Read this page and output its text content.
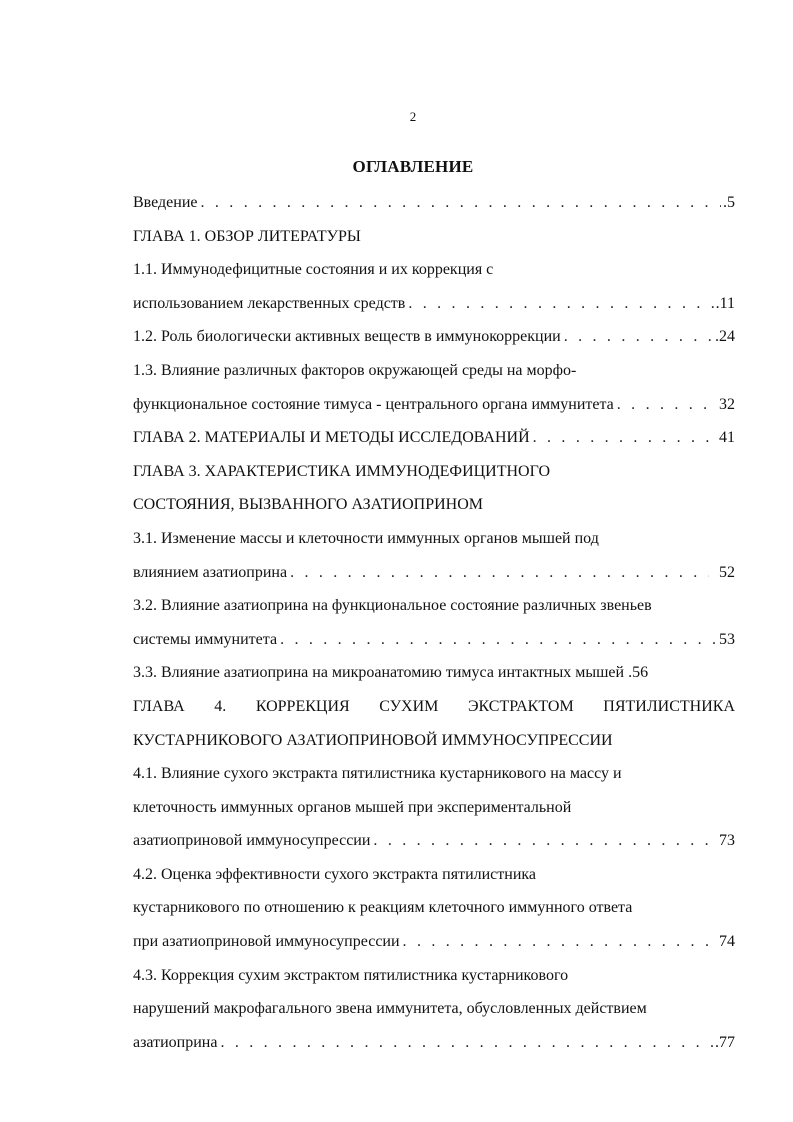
2
ОГЛАВЛЕНИЕ
Введение . . .	.5
ГЛАВА 1. ОБЗОР ЛИТЕРАТУРЫ
1.1. Иммунодефицитные состояния и их коррекция с
использованием лекарственных средств . . .	.11
1.2. Роль биологически активных веществ в иммунокоррекции . . .	.24
1.3. Влияние различных факторов окружающей среды на морфо-
функциональное состояние тимуса - центрального органа иммунитета . . .	32
ГЛАВА 2. МАТЕРИАЛЫ И МЕТОДЫ ИССЛЕДОВАНИЙ . . .	41
ГЛАВА 3. ХАРАКТЕРИСТИКА ИММУНОДЕФИЦИТНОГО
СОСТОЯНИЯ, ВЫЗВАННОГО АЗАТИОПРИНОМ
3.1. Изменение массы и клеточности иммунных органов мышей под
влиянием азатиоприна . . .	52
3.2. Влияние азатиоприна на функциональное состояние различных звеньев
системы иммунитета . . .	53
3.3. Влияние азатиоприна на микроанатомию тимуса интактных мышей .56
ГЛАВА 4. КОРРЕКЦИЯ СУХИМ ЭКСТРАКТОМ ПЯТИЛИСТНИКА
КУСТАРНИКОВОГО АЗАТИОПРИНОВОЙ ИММУНОСУПРЕССИИ
4.1. Влияние сухого экстракта пятилистника кустарникового на массу и
клеточность иммунных органов мышей при экспериментальной
азатиоприновой иммуносупрессии . . .	73
4.2. Оценка эффективности сухого экстракта пятилистника
кустарникового по отношению к реакциям клеточного иммунного ответа
при азатиоприновой иммуносупрессии . . .	74
4.3. Коррекция сухим экстрактом пятилистника кустарникового
нарушений макрофагального звена иммунитета, обусловленных действием
азатиоприна . . .	.77
